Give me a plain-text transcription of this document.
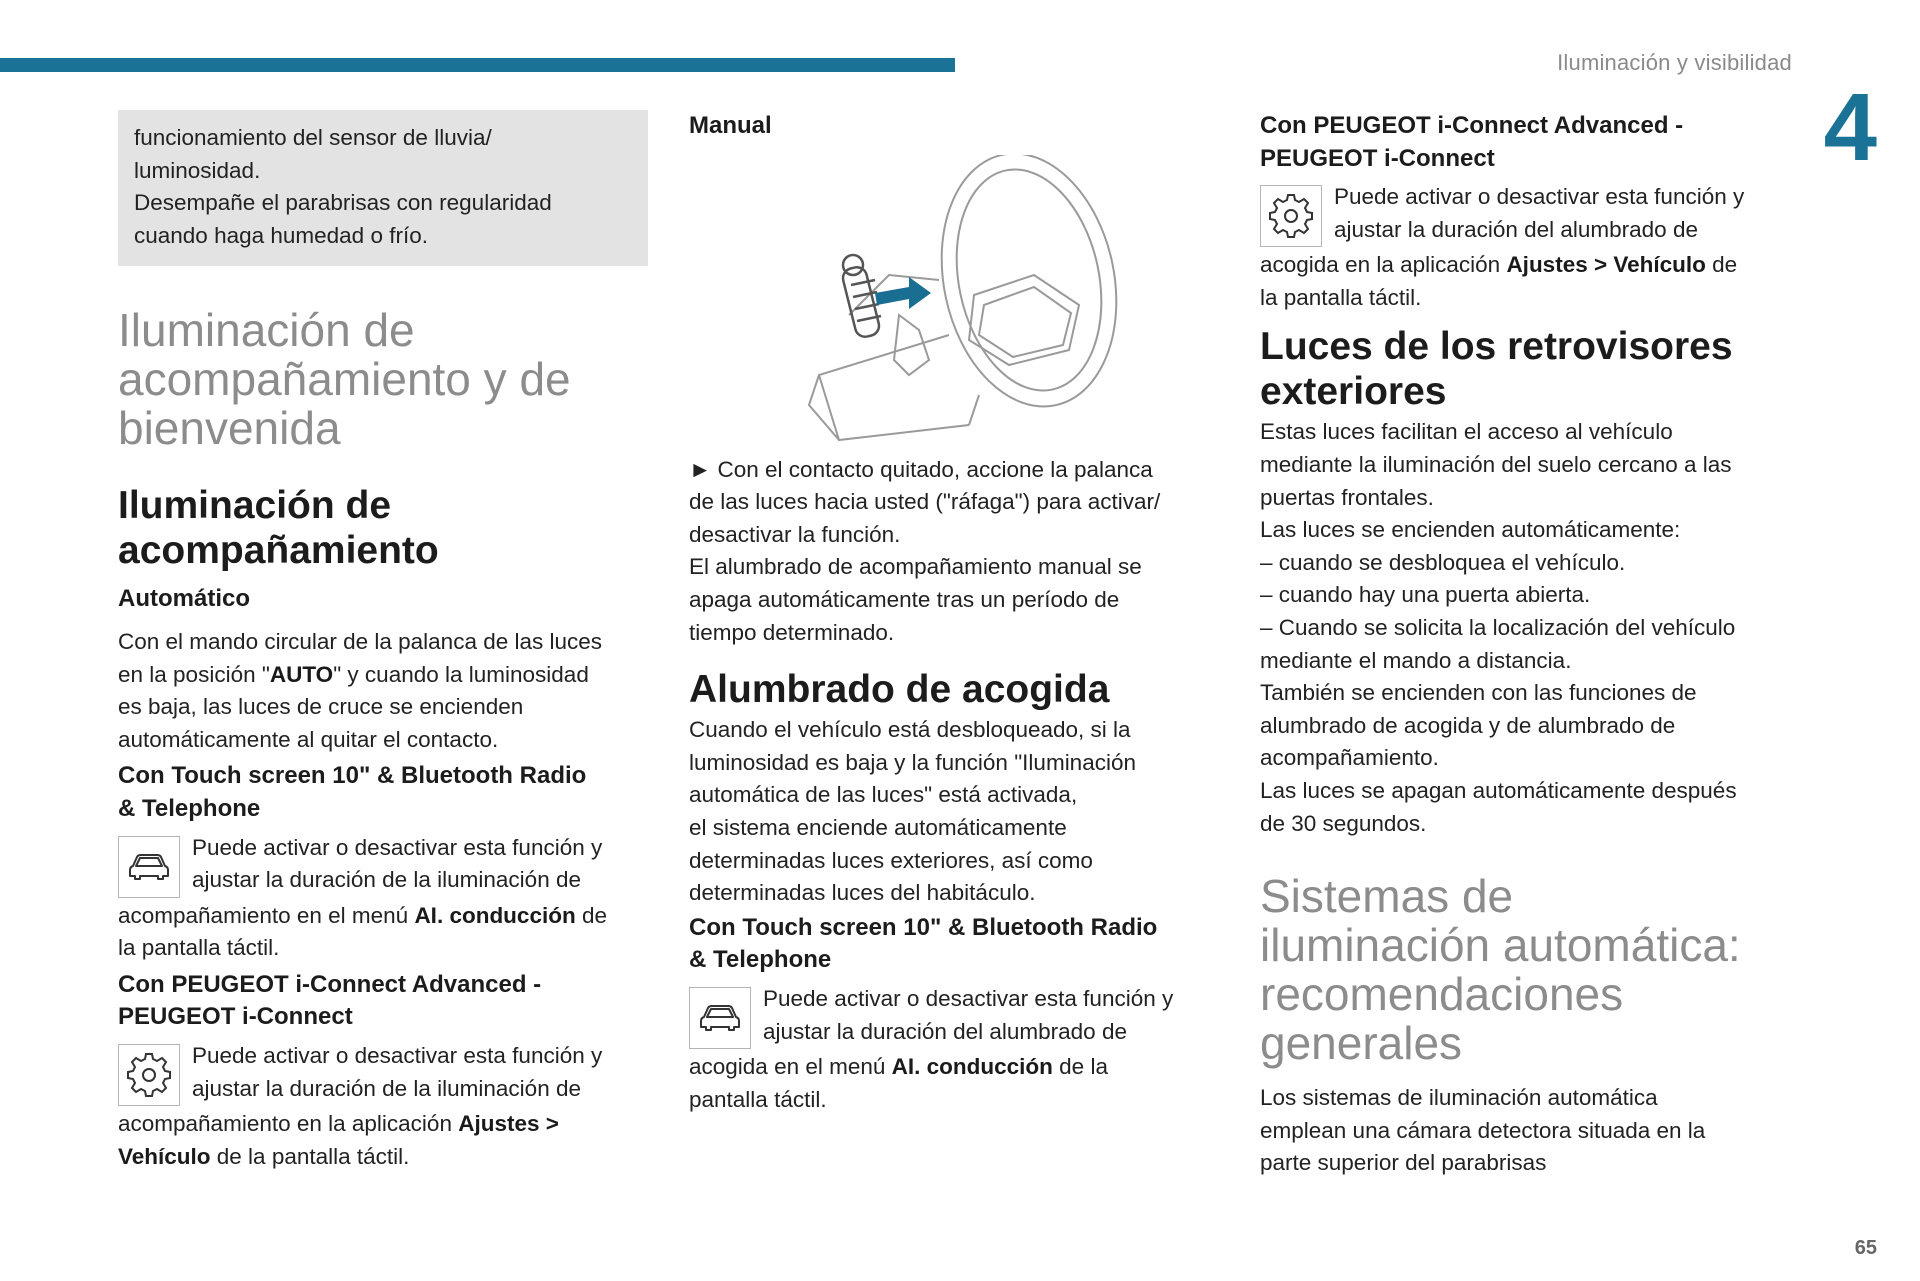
Iluminación y visibilidad
4
65

funcionamiento del sensor de lluvia/

luminosidad.

Desempañe el parabrisas con regularidad

cuando haga humedad o frío.

Iluminación de
acompañamiento y de
bienvenida
Iluminación de
acompañamiento
Automático

Con el mando circular de la palanca de las luces

en la posición "AUTO" y cuando la luminosidad

es baja, las luces de cruce se encienden

automáticamente al quitar el contacto.

Con Touch screen 10" & Bluetooth Radio
& Telephone

Puede activar o desactivar esta función y

ajustar la duración de la iluminación de

acompañamiento en el menú AI. conducción de

la pantalla táctil.

Con PEUGEOT i-Connect Advanced -
PEUGEOT i-Connect

Puede activar o desactivar esta función y

ajustar la duración de la iluminación de

acompañamiento en la aplicación Ajustes >

Vehículo de la pantalla táctil.

Manual

► Con el contacto quitado, accione la palanca

de las luces hacia usted ("ráfaga") para activar/

desactivar la función.

El alumbrado de acompañamiento manual se

apaga automáticamente tras un período de

tiempo determinado.

Alumbrado de acogida

Cuando el vehículo está desbloqueado, si la

luminosidad es baja y la función "Iluminación

automática de las luces" está activada,

el sistema enciende automáticamente

determinadas luces exteriores, así como

determinadas luces del habitáculo.

Con Touch screen 10" & Bluetooth Radio
& Telephone

Puede activar o desactivar esta función y

ajustar la duración del alumbrado de

acogida en el menú AI. conducción de la

pantalla táctil.

Con PEUGEOT i-Connect Advanced -
PEUGEOT i-Connect

Puede activar o desactivar esta función y

ajustar la duración del alumbrado de

acogida en la aplicación Ajustes > Vehículo de

la pantalla táctil.

Luces de los retrovisores
exteriores

Estas luces facilitan el acceso al vehículo

mediante la iluminación del suelo cercano a las

puertas frontales.

Las luces se encienden automáticamente:

– cuando se desbloquea el vehículo.

– cuando hay una puerta abierta.

– Cuando se solicita la localización del vehículo

mediante el mando a distancia.

También se encienden con las funciones de

alumbrado de acogida y de alumbrado de

acompañamiento.

Las luces se apagan automáticamente después

de 30 segundos.

Sistemas de
iluminación automática:
recomendaciones
generales

Los sistemas de iluminación automática

emplean una cámara detectora situada en la

parte superior del parabrisas
